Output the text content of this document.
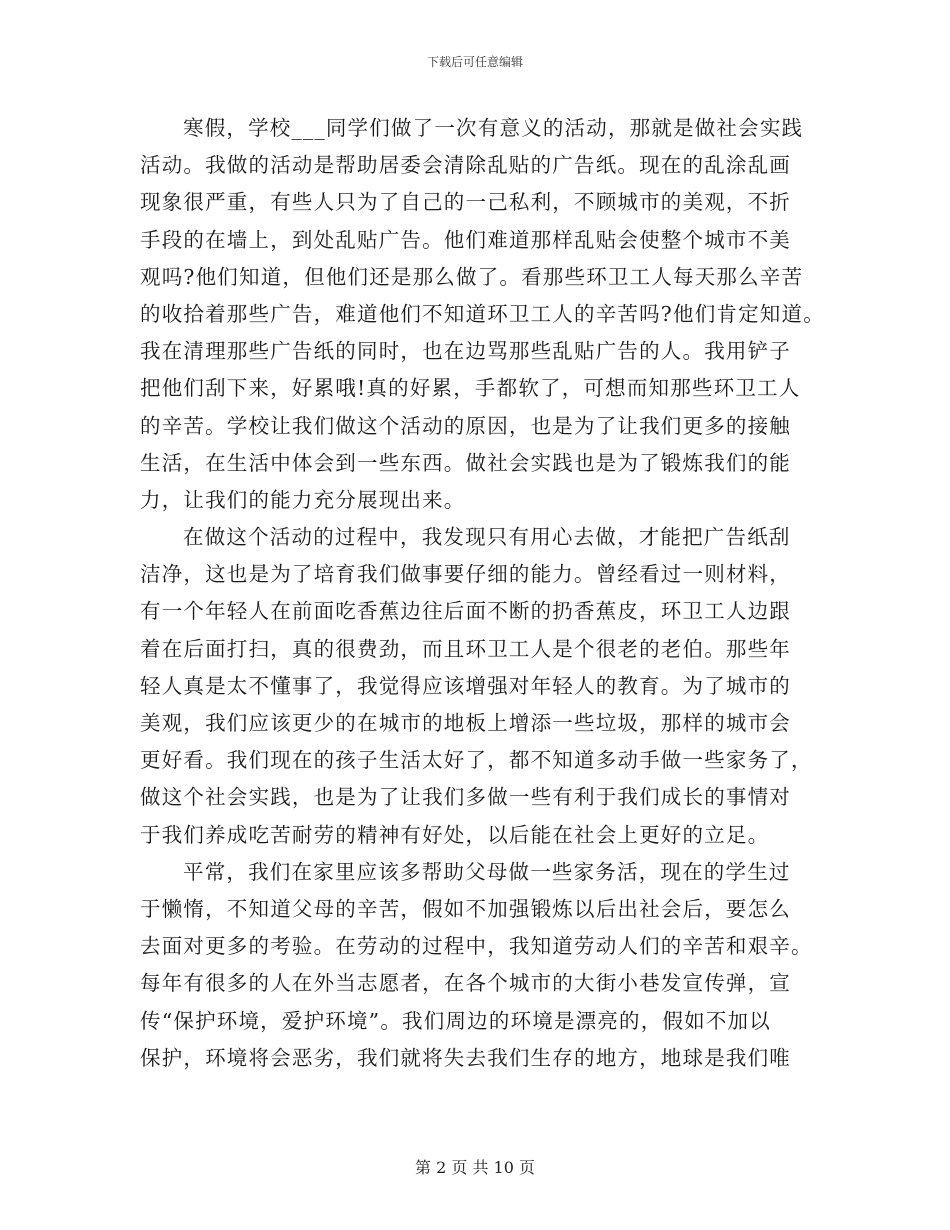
下载后可任意编辑
寒假，学校___同学们做了一次有意义的活动，那就是做社会实践
活动。我做的活动是帮助居委会清除乱贴的广告纸。现在的乱涂乱画
现象很严重，有些人只为了自己的一己私利，不顾城市的美观，不折
手段的在墙上，到处乱贴广告。他们难道那样乱贴会使整个城市不美
观吗?他们知道，但他们还是那么做了。看那些环卫工人每天那么辛苦
的收拾着那些广告，难道他们不知道环卫工人的辛苦吗?他们肯定知道。
我在清理那些广告纸的同时，也在边骂那些乱贴广告的人。我用铲子
把他们刮下来，好累哦!真的好累，手都软了，可想而知那些环卫工人
的辛苦。学校让我们做这个活动的原因，也是为了让我们更多的接触
生活，在生活中体会到一些东西。做社会实践也是为了锻炼我们的能
力，让我们的能力充分展现出来。
在做这个活动的过程中，我发现只有用心去做，才能把广告纸刮
洁净，这也是为了培育我们做事要仔细的能力。曾经看过一则材料，
有一个年轻人在前面吃香蕉边往后面不断的扔香蕉皮，环卫工人边跟
着在后面打扫，真的很费劲，而且环卫工人是个很老的老伯。那些年
轻人真是太不懂事了，我觉得应该增强对年轻人的教育。为了城市的
美观，我们应该更少的在城市的地板上增添一些垃圾，那样的城市会
更好看。我们现在的孩子生活太好了，都不知道多动手做一些家务了，
做这个社会实践，也是为了让我们多做一些有利于我们成长的事情对
于我们养成吃苦耐劳的精神有好处，以后能在社会上更好的立足。
平常，我们在家里应该多帮助父母做一些家务活，现在的学生过
于懒惰，不知道父母的辛苦，假如不加强锻炼以后出社会后，要怎么
去面对更多的考验。在劳动的过程中，我知道劳动人们的辛苦和艰辛。
每年有很多的人在外当志愿者，在各个城市的大街小巷发宣传弹，宣
传“保护环境，爱护环境”。我们周边的环境是漂亮的，假如不加以
保护，环境将会恶劣，我们就将失去我们生存的地方，地球是我们唯
第 2 页 共 10 页
